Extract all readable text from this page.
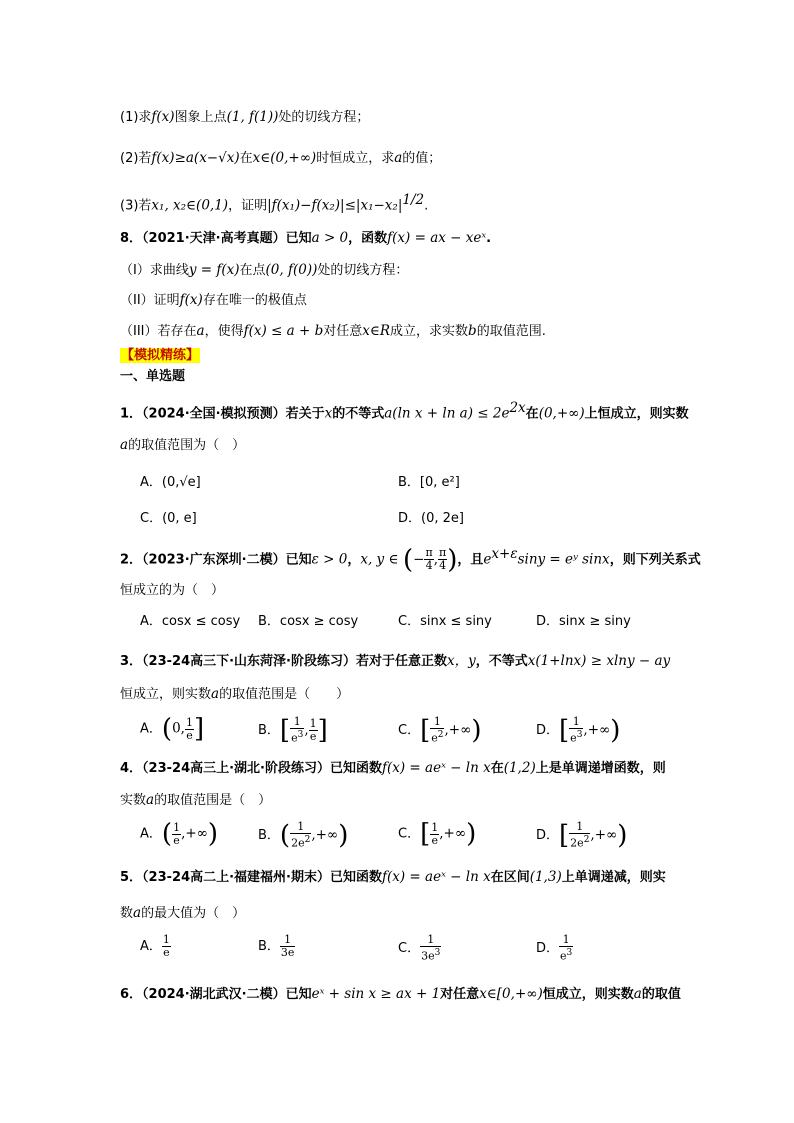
(1)求f(x)图象上点(1, f(1))处的切线方程；
(2)若f(x)≥a(x−√x)在x∈(0,+∞)时恒成立，求a的值；
(3)若x₁, x₂∈(0,1)，证明$|f(x_1)-f(x_2)|\le|x_1-x_2|^{1/2}$.
8．（2021·天津·高考真题）已知a > 0，函数f(x) = ax − xeˣ.
（I）求曲线y = f(x)在点(0, f(0))处的切线方程：
（II）证明f(x)存在唯一的极值点
（III）若存在a，使得f(x) ≤ a + b对任意x∈R成立，求实数b的取值范围.
【模拟精练】
一、单选题
1．（2024·全国·模拟预测）若关于x的不等式a(ln $x + \ln a) \le 2e^{2x}$在(0,+∞)上恒成立，则实数
a的取值范围为（　）
A．(0,√e]	B．[0, e²]
C．(0, e]	D．(0, 2e]
2．（2023·广东深圳·二模）已知ε > 0，x, y ∈ (− $\frac{\pi}{4}$ , $\frac{\pi}{4}$ )，且$e^{x+\varepsilon}\sin y$ = eʸ sinx，则下列关系式
恒成立的为（　）
A．cosx ≤ cosy B．cosx ≥ cosy	C．sinx ≤ siny	D．sinx ≥ siny
3．（23-24高三下·山东菏泽·阶段练习）若对于任意正数x，y，不等式x(1+lnx) ≥ xlny − ay
恒成立，则实数a的取值范围是（　　）
A．(0, $\frac{1}{e}$ ]	B．[ $\frac{1}{e^3}$ , $\frac{1}{e}$ ]	C．[ $\frac{1}{e^2}$ ,+∞)	D．[ $\frac{1}{e^3}$ ,+∞)
4．（23-24高三上·湖北·阶段练习）已知函数f(x) = aeˣ − ln x在(1,2)上是单调递增函数，则
实数a的取值范围是（　）
A．( $\frac{1}{e}$ ,+∞)	B．( $\frac{1}{2e^2}$ ,+∞)	C．[ $\frac{1}{e}$ ,+∞)	D．[ $\frac{1}{2e^2}$ ,+∞)
5．（23-24高二上·福建福州·期末）已知函数f(x) = aeˣ − ln x在区间(1,3)上单调递减，则实
数a的最大值为（　）
A． $\frac{1}{e}$	B． $\frac{1}{3e}$	C． $\frac{1}{3e^3}$	D． $\frac{1}{e^3}$
6．（2024·湖北武汉·二模）已知eˣ + sin x ≥ ax + 1对任意x∈[0,+∞)恒成立，则实数a的取值
